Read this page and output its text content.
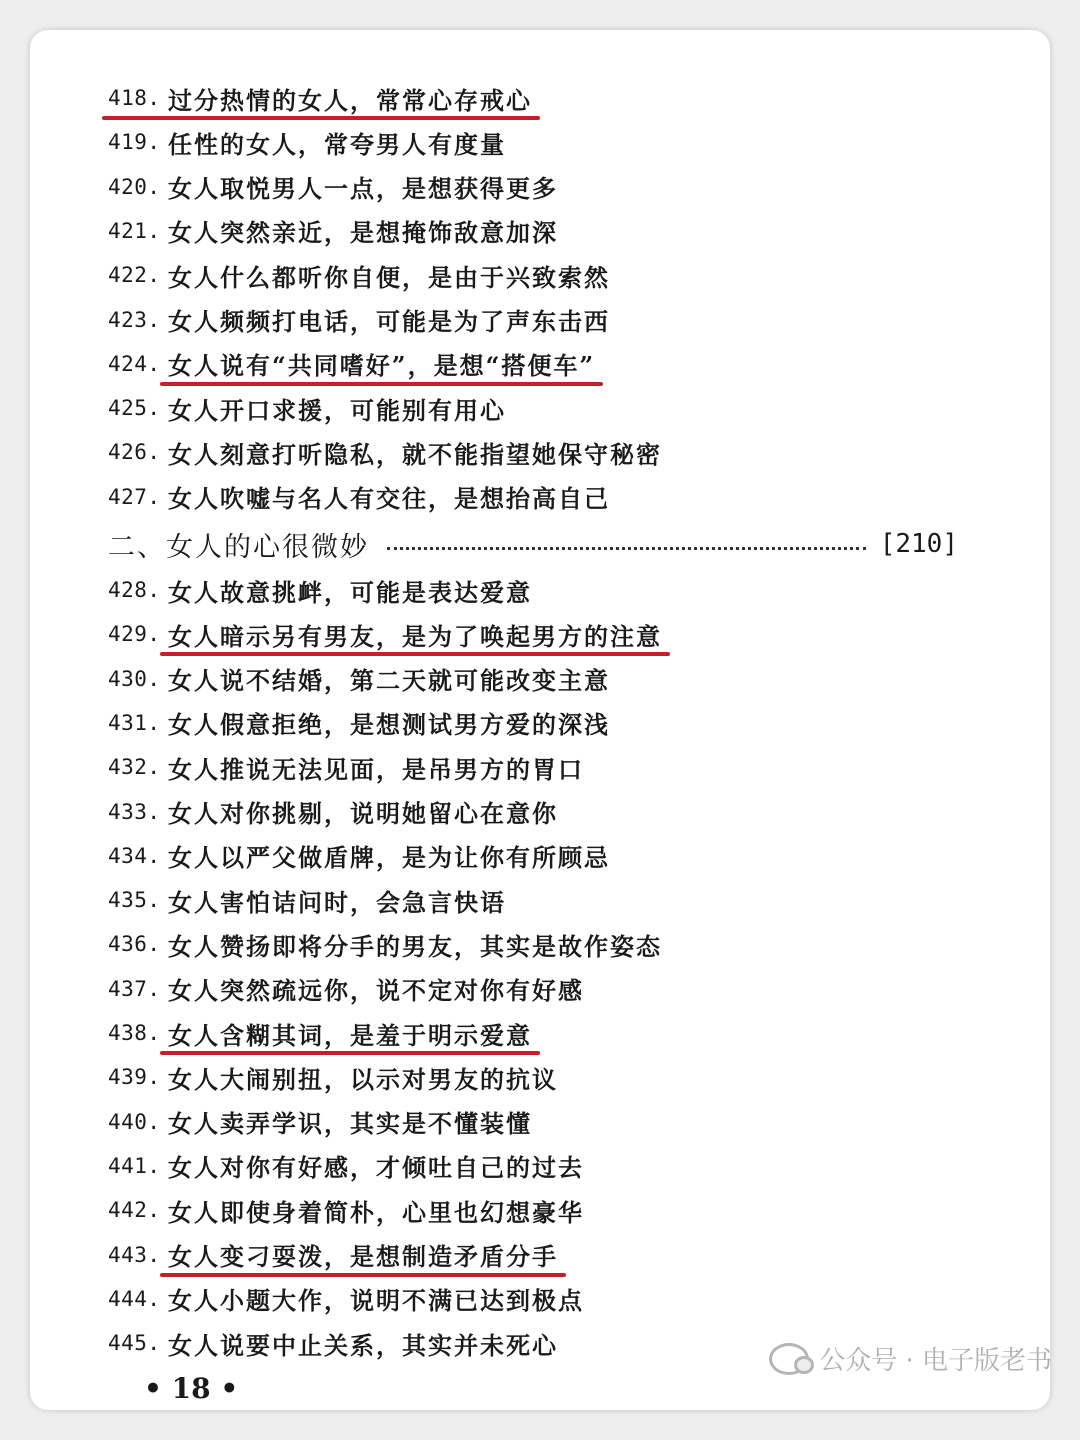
418. 过分热情的女人，常常心存戒心
419. 任性的女人，常夸男人有度量
420. 女人取悦男人一点，是想获得更多
421. 女人突然亲近，是想掩饰敌意加深
422. 女人什么都听你自便，是由于兴致索然
423. 女人频频打电话，可能是为了声东击西
424. 女人说有“共同嗜好”，是想“搭便车”
425. 女人开口求援，可能别有用心
426. 女人刻意打听隐私，就不能指望她保守秘密
427. 女人吹嘘与名人有交往，是想抬高自己
二、女人的心很微妙	[210]
428. 女人故意挑衅，可能是表达爱意
429. 女人暗示另有男友，是为了唤起男方的注意
430. 女人说不结婚，第二天就可能改变主意
431. 女人假意拒绝，是想测试男方爱的深浅
432. 女人推说无法见面，是吊男方的胃口
433. 女人对你挑剔，说明她留心在意你
434. 女人以严父做盾牌，是为让你有所顾忌
435. 女人害怕诘问时，会急言快语
436. 女人赞扬即将分手的男友，其实是故作姿态
437. 女人突然疏远你，说不定对你有好感
438. 女人含糊其词，是羞于明示爱意
439. 女人大闹别扭，以示对男友的抗议
440. 女人卖弄学识，其实是不懂装懂
441. 女人对你有好感，才倾吐自己的过去
442. 女人即使身着简朴，心里也幻想豪华
443. 女人变刁耍泼，是想制造矛盾分手
444. 女人小题大作，说明不满已达到极点
445. 女人说要中止关系，其实并未死心
• 18 •
公众号 · 电子版老书
